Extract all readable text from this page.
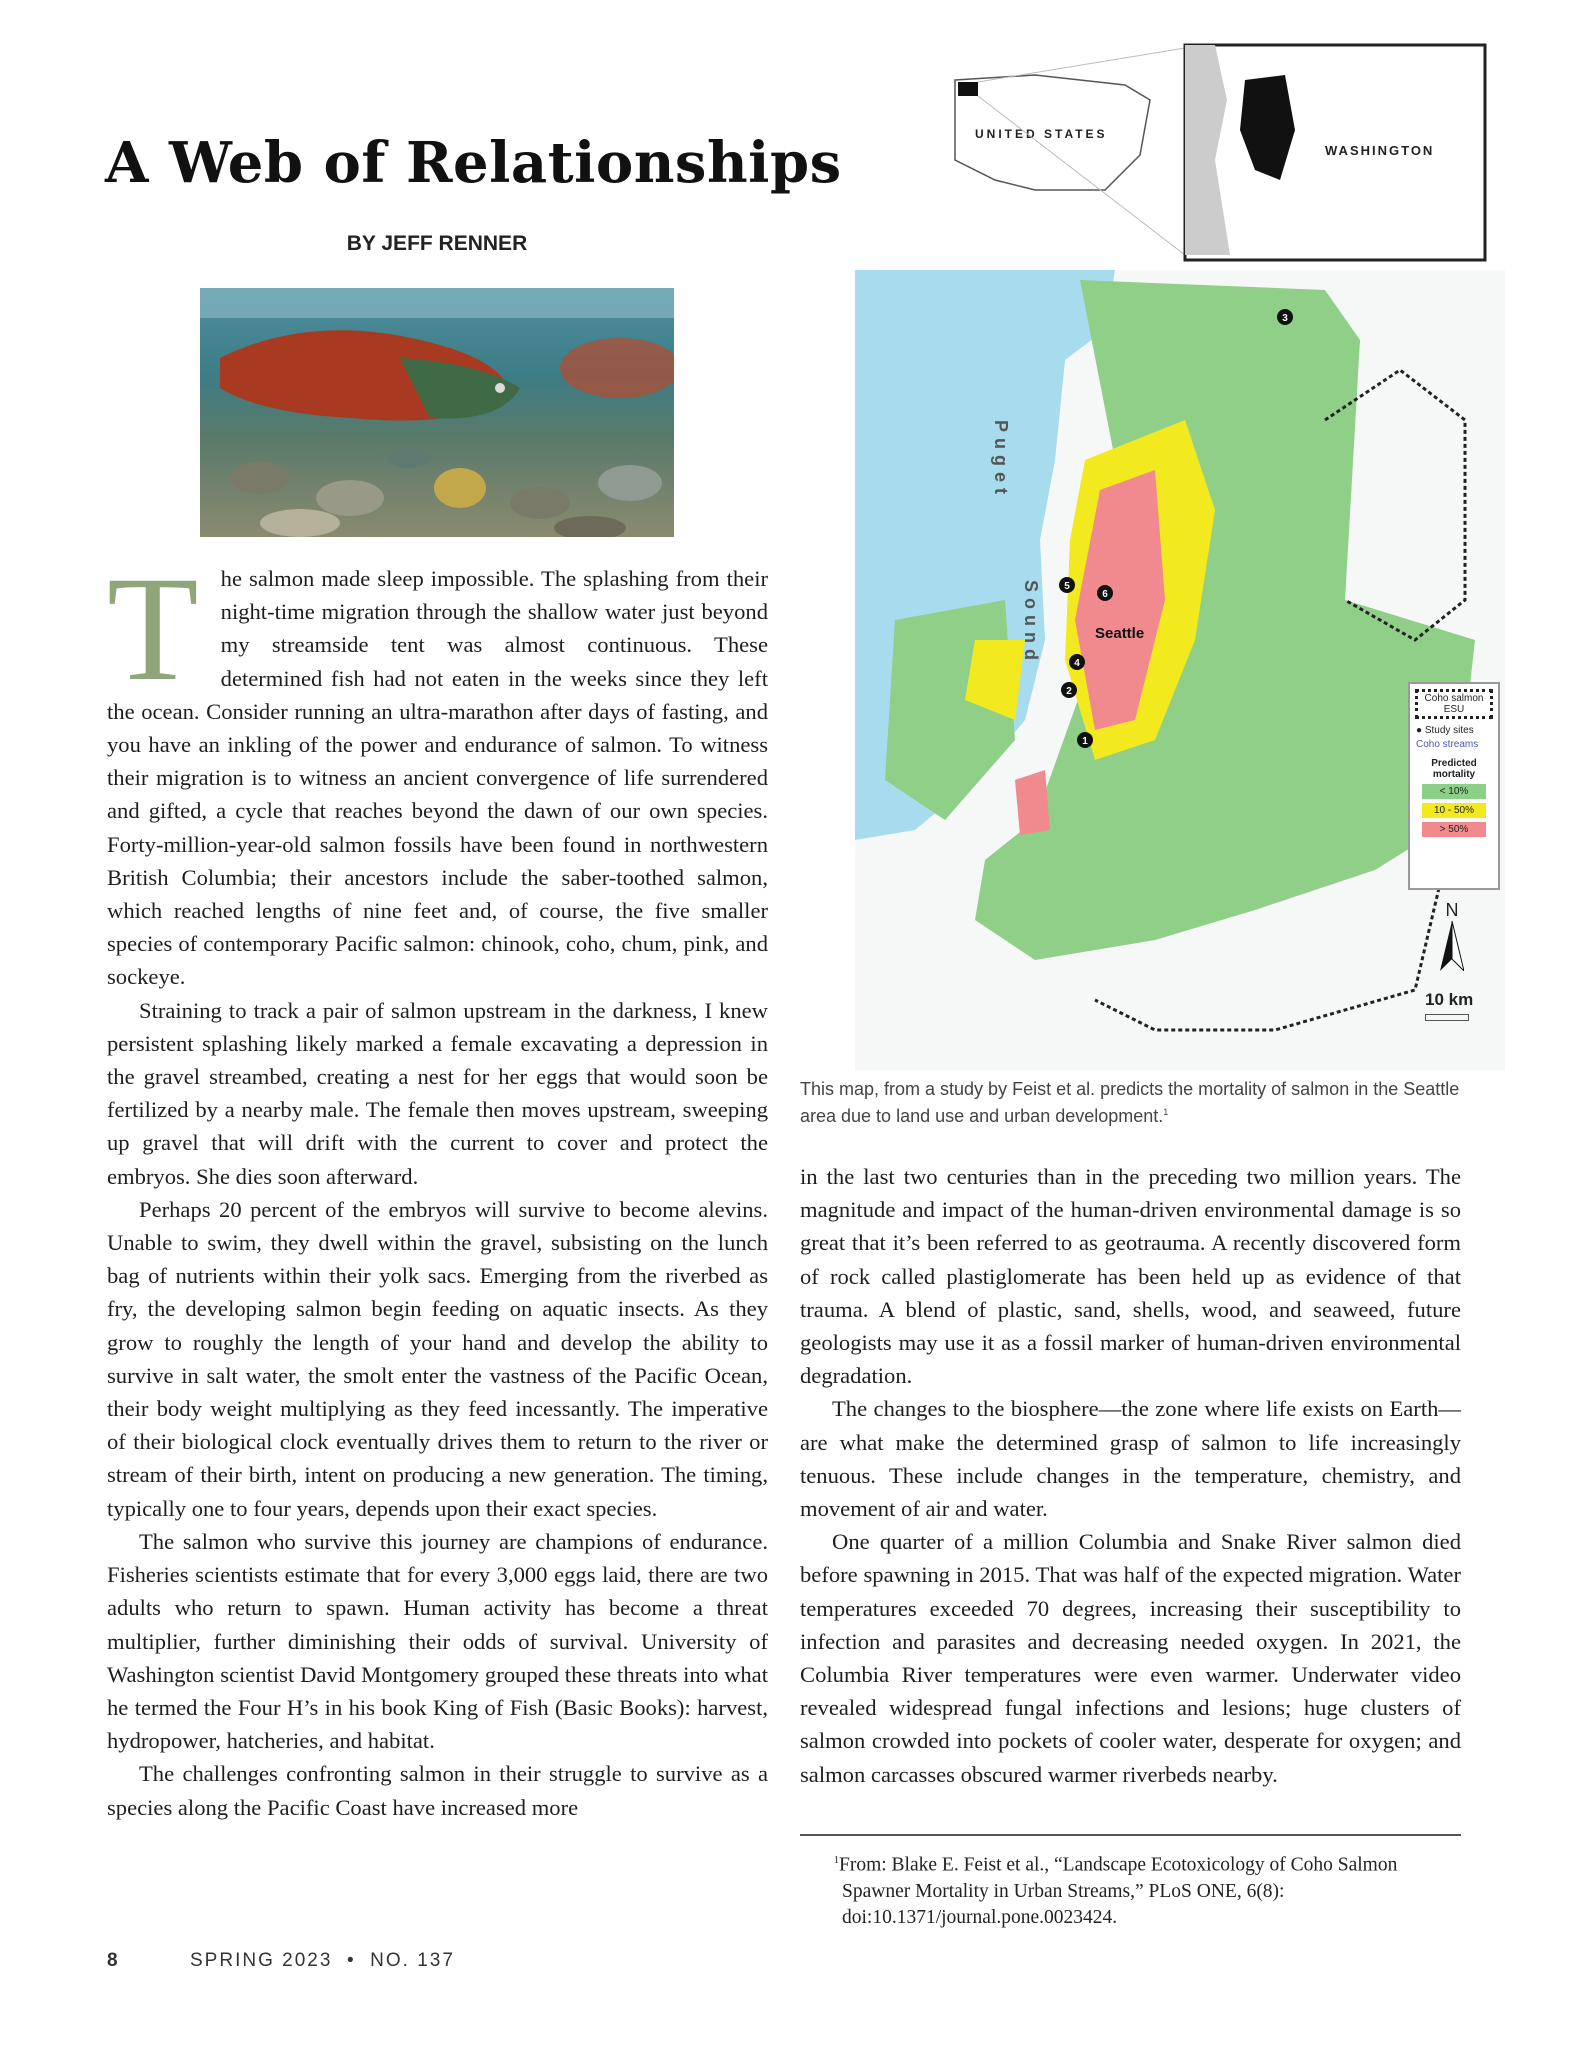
A Web of Relationships
BY JEFF RENNER

The salmon made sleep impossible. The splashing from their night-time migration through the shallow water just beyond my streamside tent was almost continuous. These determined fish had not eaten in the weeks since they left the ocean. Consider running an ultra-marathon after days of fasting, and you have an inkling of the power and endurance of salmon. To witness their migration is to witness an ancient convergence of life surrendered and gifted, a cycle that reaches beyond the dawn of our own species. Forty-million-year-old salmon fossils have been found in northwestern British Columbia; their ancestors include the saber-toothed salmon, which reached lengths of nine feet and, of course, the five smaller species of contemporary Pacific salmon: chinook, coho, chum, pink, and sockeye.

Straining to track a pair of salmon upstream in the darkness, I knew persistent splashing likely marked a female excavating a depression in the gravel streambed, creating a nest for her eggs that would soon be fertilized by a nearby male. The female then moves upstream, sweeping up gravel that will drift with the current to cover and protect the embryos. She dies soon afterward.

Perhaps 20 percent of the embryos will survive to become alevins. Unable to swim, they dwell within the gravel, subsisting on the lunch bag of nutrients within their yolk sacs. Emerging from the riverbed as fry, the developing salmon begin feeding on aquatic insects. As they grow to roughly the length of your hand and develop the ability to survive in salt water, the smolt enter the vastness of the Pacific Ocean, their body weight multiplying as they feed incessantly. The imperative of their biological clock eventually drives them to return to the river or stream of their birth, intent on producing a new generation. The timing, typically one to four years, depends upon their exact species.

The salmon who survive this journey are champions of endurance. Fisheries scientists estimate that for every 3,000 eggs laid, there are two adults who return to spawn. Human activity has become a threat multiplier, further diminishing their odds of survival. University of Washington scientist David Montgomery grouped these threats into what he termed the Four H’s in his book King of Fish (Basic Books): harvest, hydropower, hatcheries, and habitat.

The challenges confronting salmon in their struggle to survive as a species along the Pacific Coast have increased more

UNITED STATES
WASHINGTON
Puget
Sound	Seattle
1
2
3
4
5
6
Coho salmon ESU
● Study sites
Coho streams
Predicted mortality
< 10%
10 - 50%
> 50%
N
10 km
This map, from a study by Feist et al. predicts the mortality of salmon in the Seattle area due to land use and urban development.$^1$

in the last two centuries than in the preceding two million years. The magnitude and impact of the human-driven environmental damage is so great that it’s been referred to as geotrauma. A recently discovered form of rock called plastiglomerate has been held up as evidence of that trauma. A blend of plastic, sand, shells, wood, and seaweed, future geologists may use it as a fossil marker of human-driven environmental degradation.

The changes to the biosphere—the zone where life exists on Earth—are what make the determined grasp of salmon to life increasingly tenuous. These include changes in the temperature, chemistry, and movement of air and water.

One quarter of a million Columbia and Snake River salmon died before spawning in 2015. That was half of the expected migration. Water temperatures exceeded 70 degrees, increasing their susceptibility to infection and parasites and decreasing needed oxygen. In 2021, the Columbia River temperatures were even warmer. Underwater video revealed widespread fungal infections and lesions; huge clusters of salmon crowded into pockets of cooler water, desperate for oxygen; and salmon carcasses obscured warmer riverbeds nearby.

$^1$From: Blake E. Feist et al., “Landscape Ecotoxicology of Coho Salmon Spawner Mortality in Urban Streams,” PLoS ONE, 6(8): doi:10.1371/journal.pone.0023424.
8	SPRING 2023  •  NO. 137
